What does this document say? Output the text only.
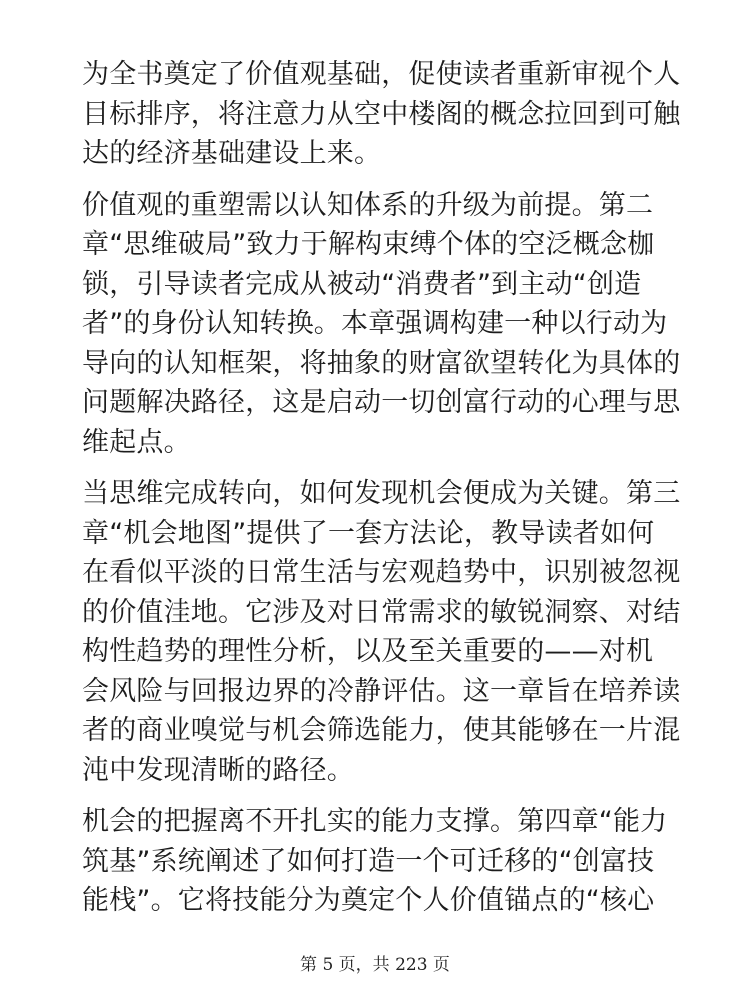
为全书奠定了价值观基础，促使读者重新审视个人
目标排序，将注意力从空中楼阁的概念拉回到可触
达的经济基础建设上来。

价值观的重塑需以认知体系的升级为前提。第二
章“思维破局”致力于解构束缚个体的空泛概念枷
锁，引导读者完成从被动“消费者”到主动“创造
者”的身份认知转换。本章强调构建一种以行动为
导向的认知框架，将抽象的财富欲望转化为具体的
问题解决路径，这是启动一切创富行动的心理与思
维起点。

当思维完成转向，如何发现机会便成为关键。第三
章“机会地图”提供了一套方法论，教导读者如何
在看似平淡的日常生活与宏观趋势中，识别被忽视
的价值洼地。它涉及对日常需求的敏锐洞察、对结
构性趋势的理性分析，以及至关重要的——对机
会风险与回报边界的冷静评估。这一章旨在培养读
者的商业嗅觉与机会筛选能力，使其能够在一片混
沌中发现清晰的路径。

机会的把握离不开扎实的能力支撑。第四章“能力
筑基”系统阐述了如何打造一个可迁移的“创富技
能栈”。它将技能分为奠定个人价值锚点的“核心

第 5 页，共 223 页
